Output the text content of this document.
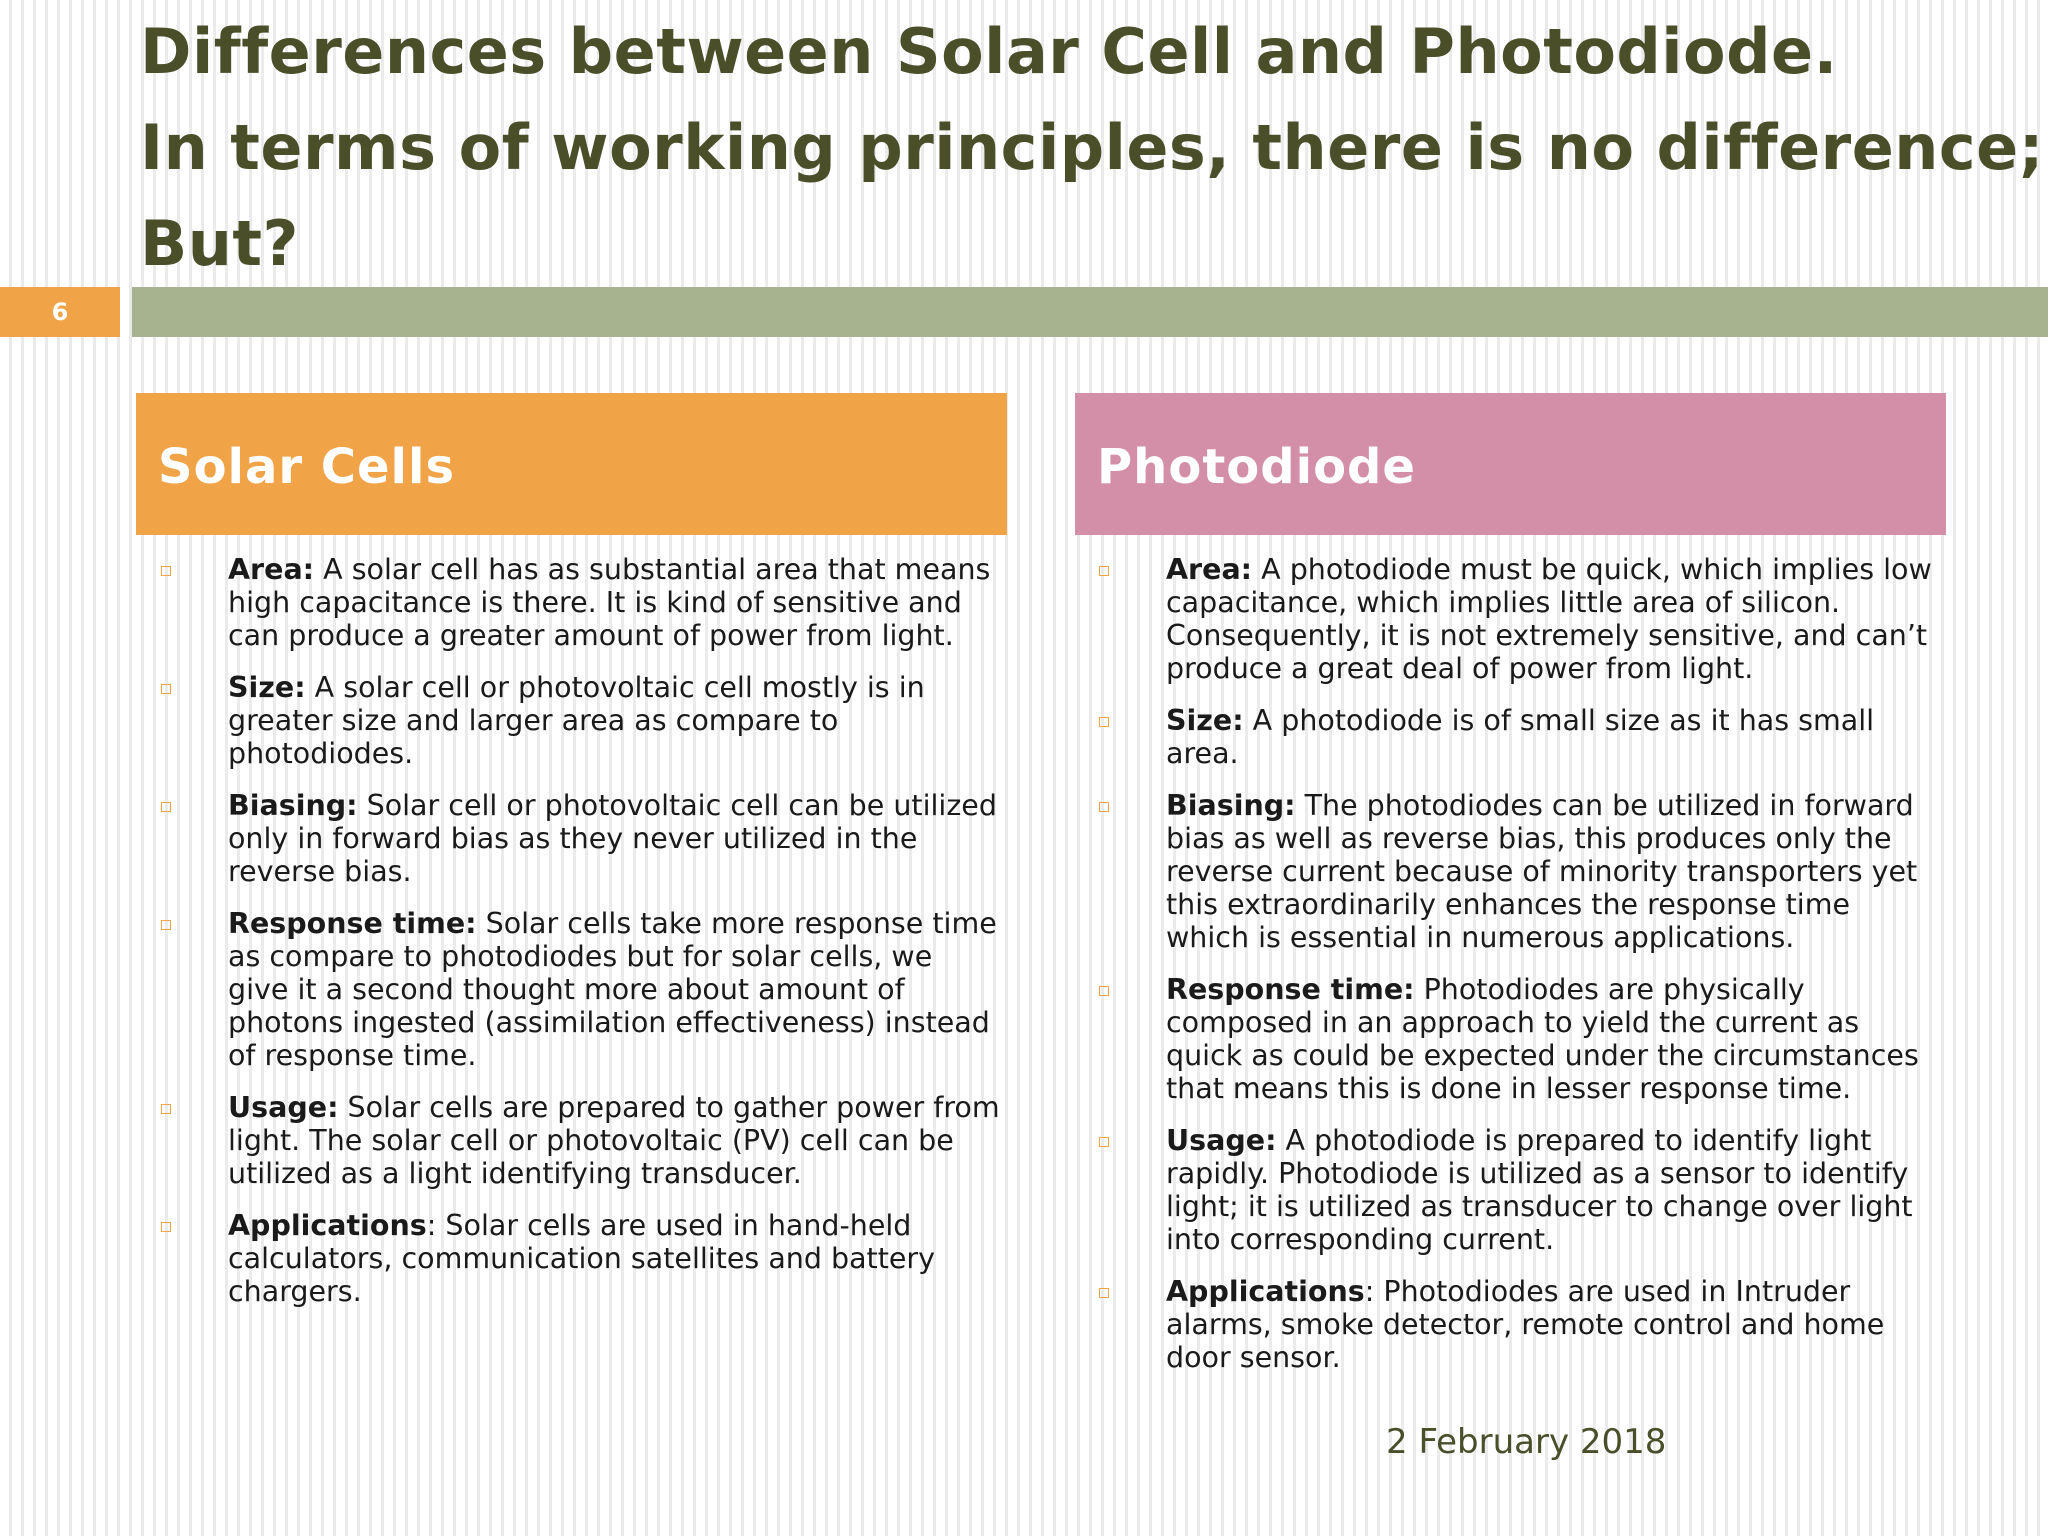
Differences between Solar Cell and Photodiode.
In terms of working principles, there is no difference;
But?
6
Solar Cells	Photodiode
Area: A solar cell has as substantial area that means high capacitance is there. It is kind of sensitive and can produce a greater amount of power from light.
Size: A solar cell or photovoltaic cell mostly is in greater size and larger area as compare to photodiodes.
Biasing: Solar cell or photovoltaic cell can be utilized only in forward bias as they never utilized in the reverse bias.
Response time: Solar cells take more response time as compare to photodiodes but for solar cells, we give it a second thought more about amount of photons ingested (assimilation effectiveness) instead of response time.
Usage: Solar cells are prepared to gather power from light. The solar cell or photovoltaic (PV) cell can be utilized as a light identifying transducer.
Applications: Solar cells are used in hand-held calculators, communication satellites and battery chargers.
Area: A photodiode must be quick, which implies low capacitance, which implies little area of silicon. Consequently, it is not extremely sensitive, and can’t produce a great deal of power from light.
Size: A photodiode is of small size as it has small area.
Biasing: The photodiodes can be utilized in forward bias as well as reverse bias, this produces only the reverse current because of minority transporters yet this extraordinarily enhances the response time which is essential in numerous applications.
Response time: Photodiodes are physically composed in an approach to yield the current as quick as could be expected under the circumstances that means this is done in lesser response time.
Usage: A photodiode is prepared to identify light rapidly. Photodiode is utilized as a sensor to identify light; it is utilized as transducer to change over light into corresponding current.
Applications: Photodiodes are used in Intruder alarms, smoke detector, remote control and home door sensor.
2 February 2018
